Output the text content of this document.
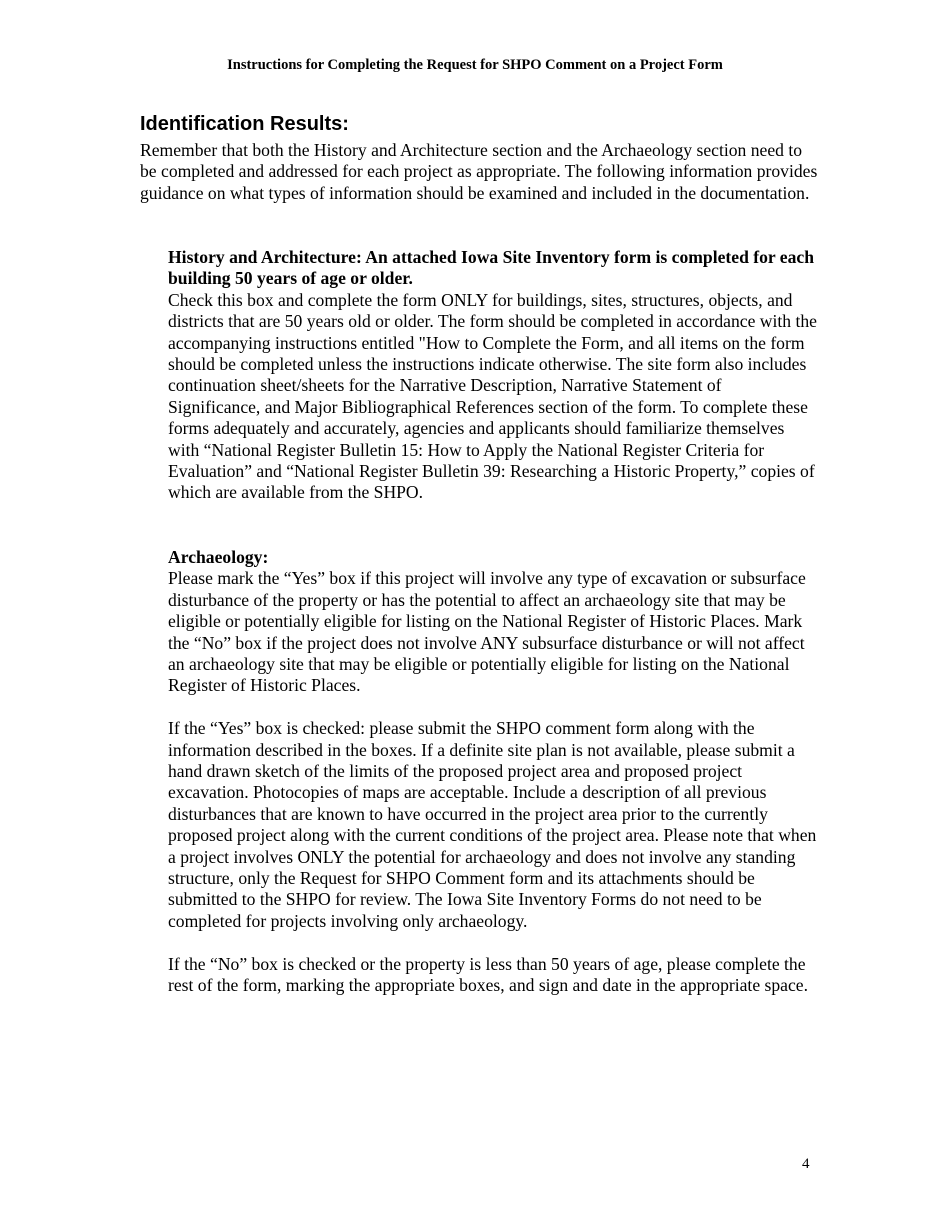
Instructions for Completing the Request for SHPO Comment on a Project Form
Identification Results:

Remember that both the History and Architecture section and the Archaeology section need to be completed and addressed for each project as appropriate. The following information provides guidance on what types of information should be examined and included in the documentation.

History and Architecture: An attached Iowa Site Inventory form is completed for each building 50 years of age or older.

Check this box and complete the form ONLY for buildings, sites, structures, objects, and districts that are 50 years old or older. The form should be completed in accordance with the accompanying instructions entitled "How to Complete the Form, and all items on the form should be completed unless the instructions indicate otherwise. The site form also includes continuation sheet/sheets for the Narrative Description, Narrative Statement of Significance, and Major Bibliographical References section of the form. To complete these forms adequately and accurately, agencies and applicants should familiarize themselves with “National Register Bulletin 15: How to Apply the National Register Criteria for Evaluation” and “National Register Bulletin 39: Researching a Historic Property,” copies of which are available from the SHPO.

Archaeology:

Please mark the “Yes” box if this project will involve any type of excavation or subsurface disturbance of the property or has the potential to affect an archaeology site that may be eligible or potentially eligible for listing on the National Register of Historic Places. Mark the “No” box if the project does not involve ANY subsurface disturbance or will not affect an archaeology site that may be eligible or potentially eligible for listing on the National Register of Historic Places.

If the “Yes” box is checked: please submit the SHPO comment form along with the information described in the boxes. If a definite site plan is not available, please submit a hand drawn sketch of the limits of the proposed project area and proposed project excavation. Photocopies of maps are acceptable. Include a description of all previous disturbances that are known to have occurred in the project area prior to the currently proposed project along with the current conditions of the project area. Please note that when a project involves ONLY the potential for archaeology and does not involve any standing structure, only the Request for SHPO Comment form and its attachments should be submitted to the SHPO for review. The Iowa Site Inventory Forms do not need to be completed for projects involving only archaeology.

If the “No” box is checked or the property is less than 50 years of age, please complete the rest of the form, marking the appropriate boxes, and sign and date in the appropriate space.

4
